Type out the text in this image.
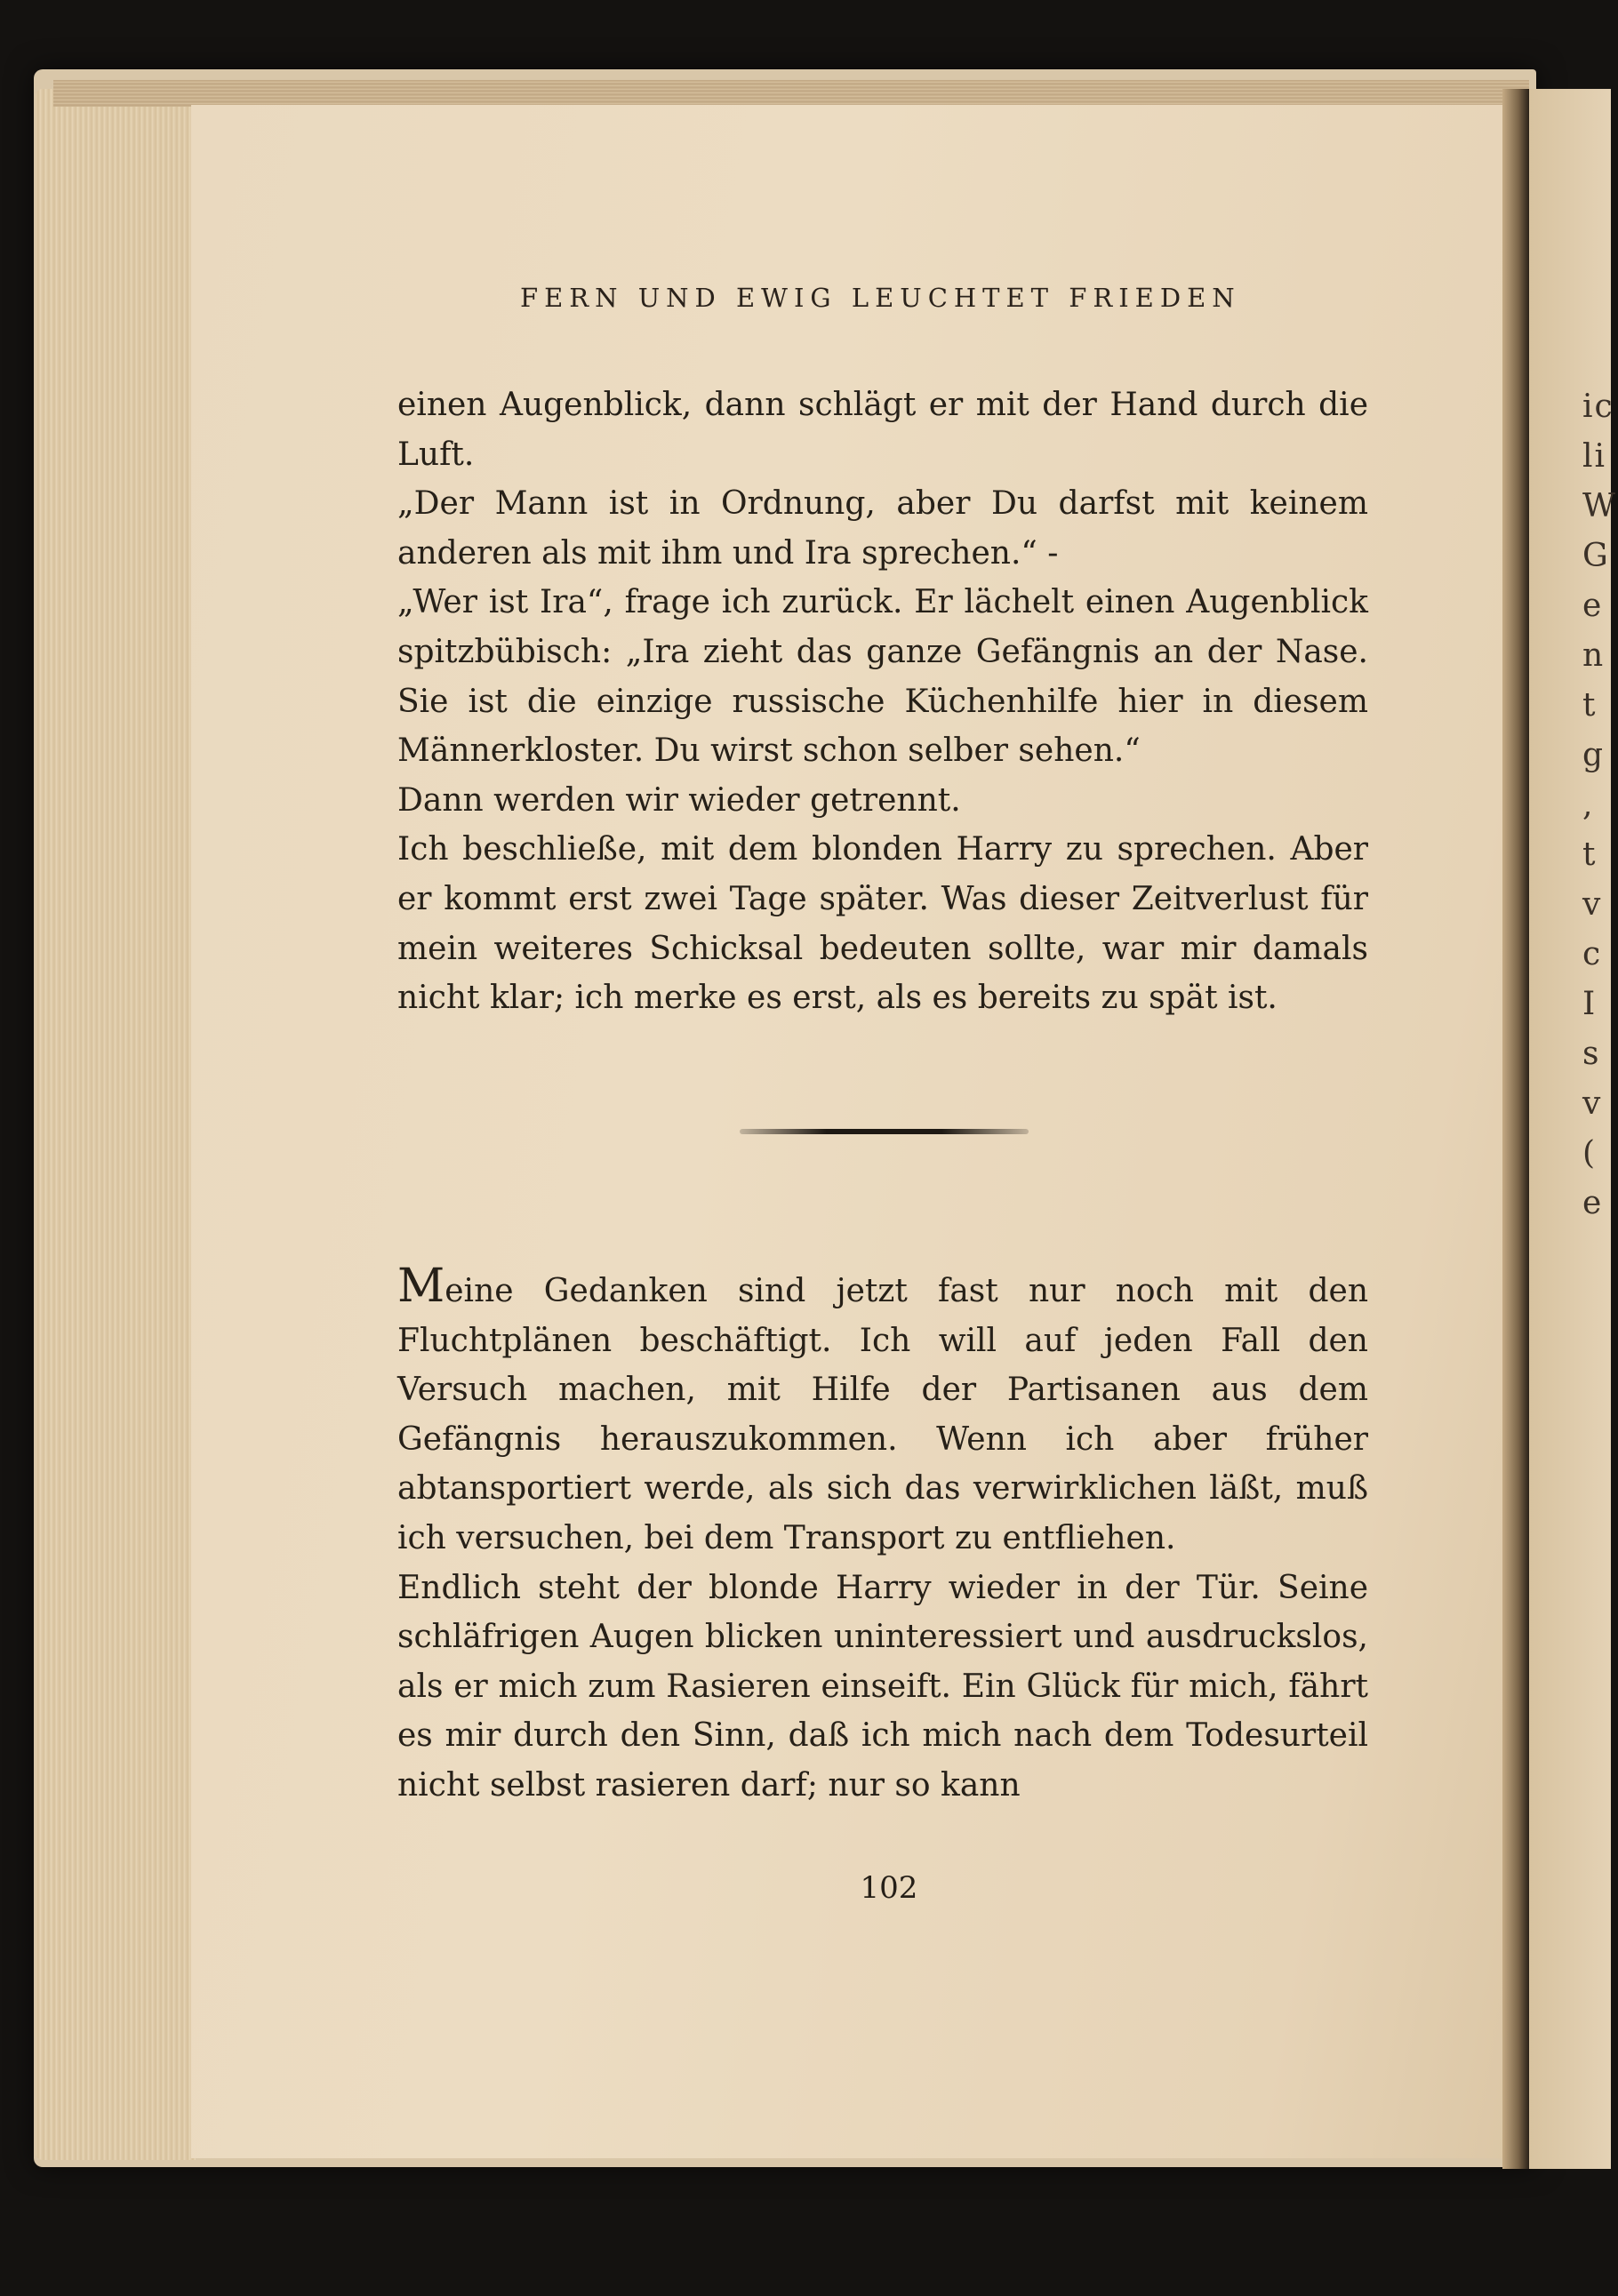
ic
li
W
G
e
n
t
g
,
t
v
c
I
s
v
(
e
FERN UND EWIG LEUCHTET FRIEDEN

einen Augenblick, dann schlägt er mit der Hand durch die Luft.

„Der Mann ist in Ordnung, aber Du darfst mit keinem anderen als mit ihm und Ira sprechen.“ -

„Wer ist Ira“, frage ich zurück. Er lächelt einen Augenblick spitzbübisch: „Ira zieht das ganze Gefängnis an der Nase. Sie ist die einzige russische Küchenhilfe hier in diesem Männerkloster. Du wirst schon selber sehen.“

Dann werden wir wieder getrennt.

Ich beschließe, mit dem blonden Harry zu sprechen. Aber er kommt erst zwei Tage später. Was dieser Zeitverlust für mein weiteres Schicksal bedeuten sollte, war mir damals nicht klar; ich merke es erst, als es bereits zu spät ist.

Meine Gedanken sind jetzt fast nur noch mit den Fluchtplänen beschäftigt. Ich will auf jeden Fall den Versuch machen, mit Hilfe der Partisanen aus dem Gefängnis herauszukommen. Wenn ich aber früher abtansportiert werde, als sich das verwirklichen läßt, muß ich versuchen, bei dem Transport zu entfliehen.

Endlich steht der blonde Harry wieder in der Tür. Seine schläfrigen Augen blicken uninteressiert und ausdruckslos, als er mich zum Rasieren einseift. Ein Glück für mich, fährt es mir durch den Sinn, daß ich mich nach dem Todesurteil nicht selbst rasieren darf; nur so kann

102
